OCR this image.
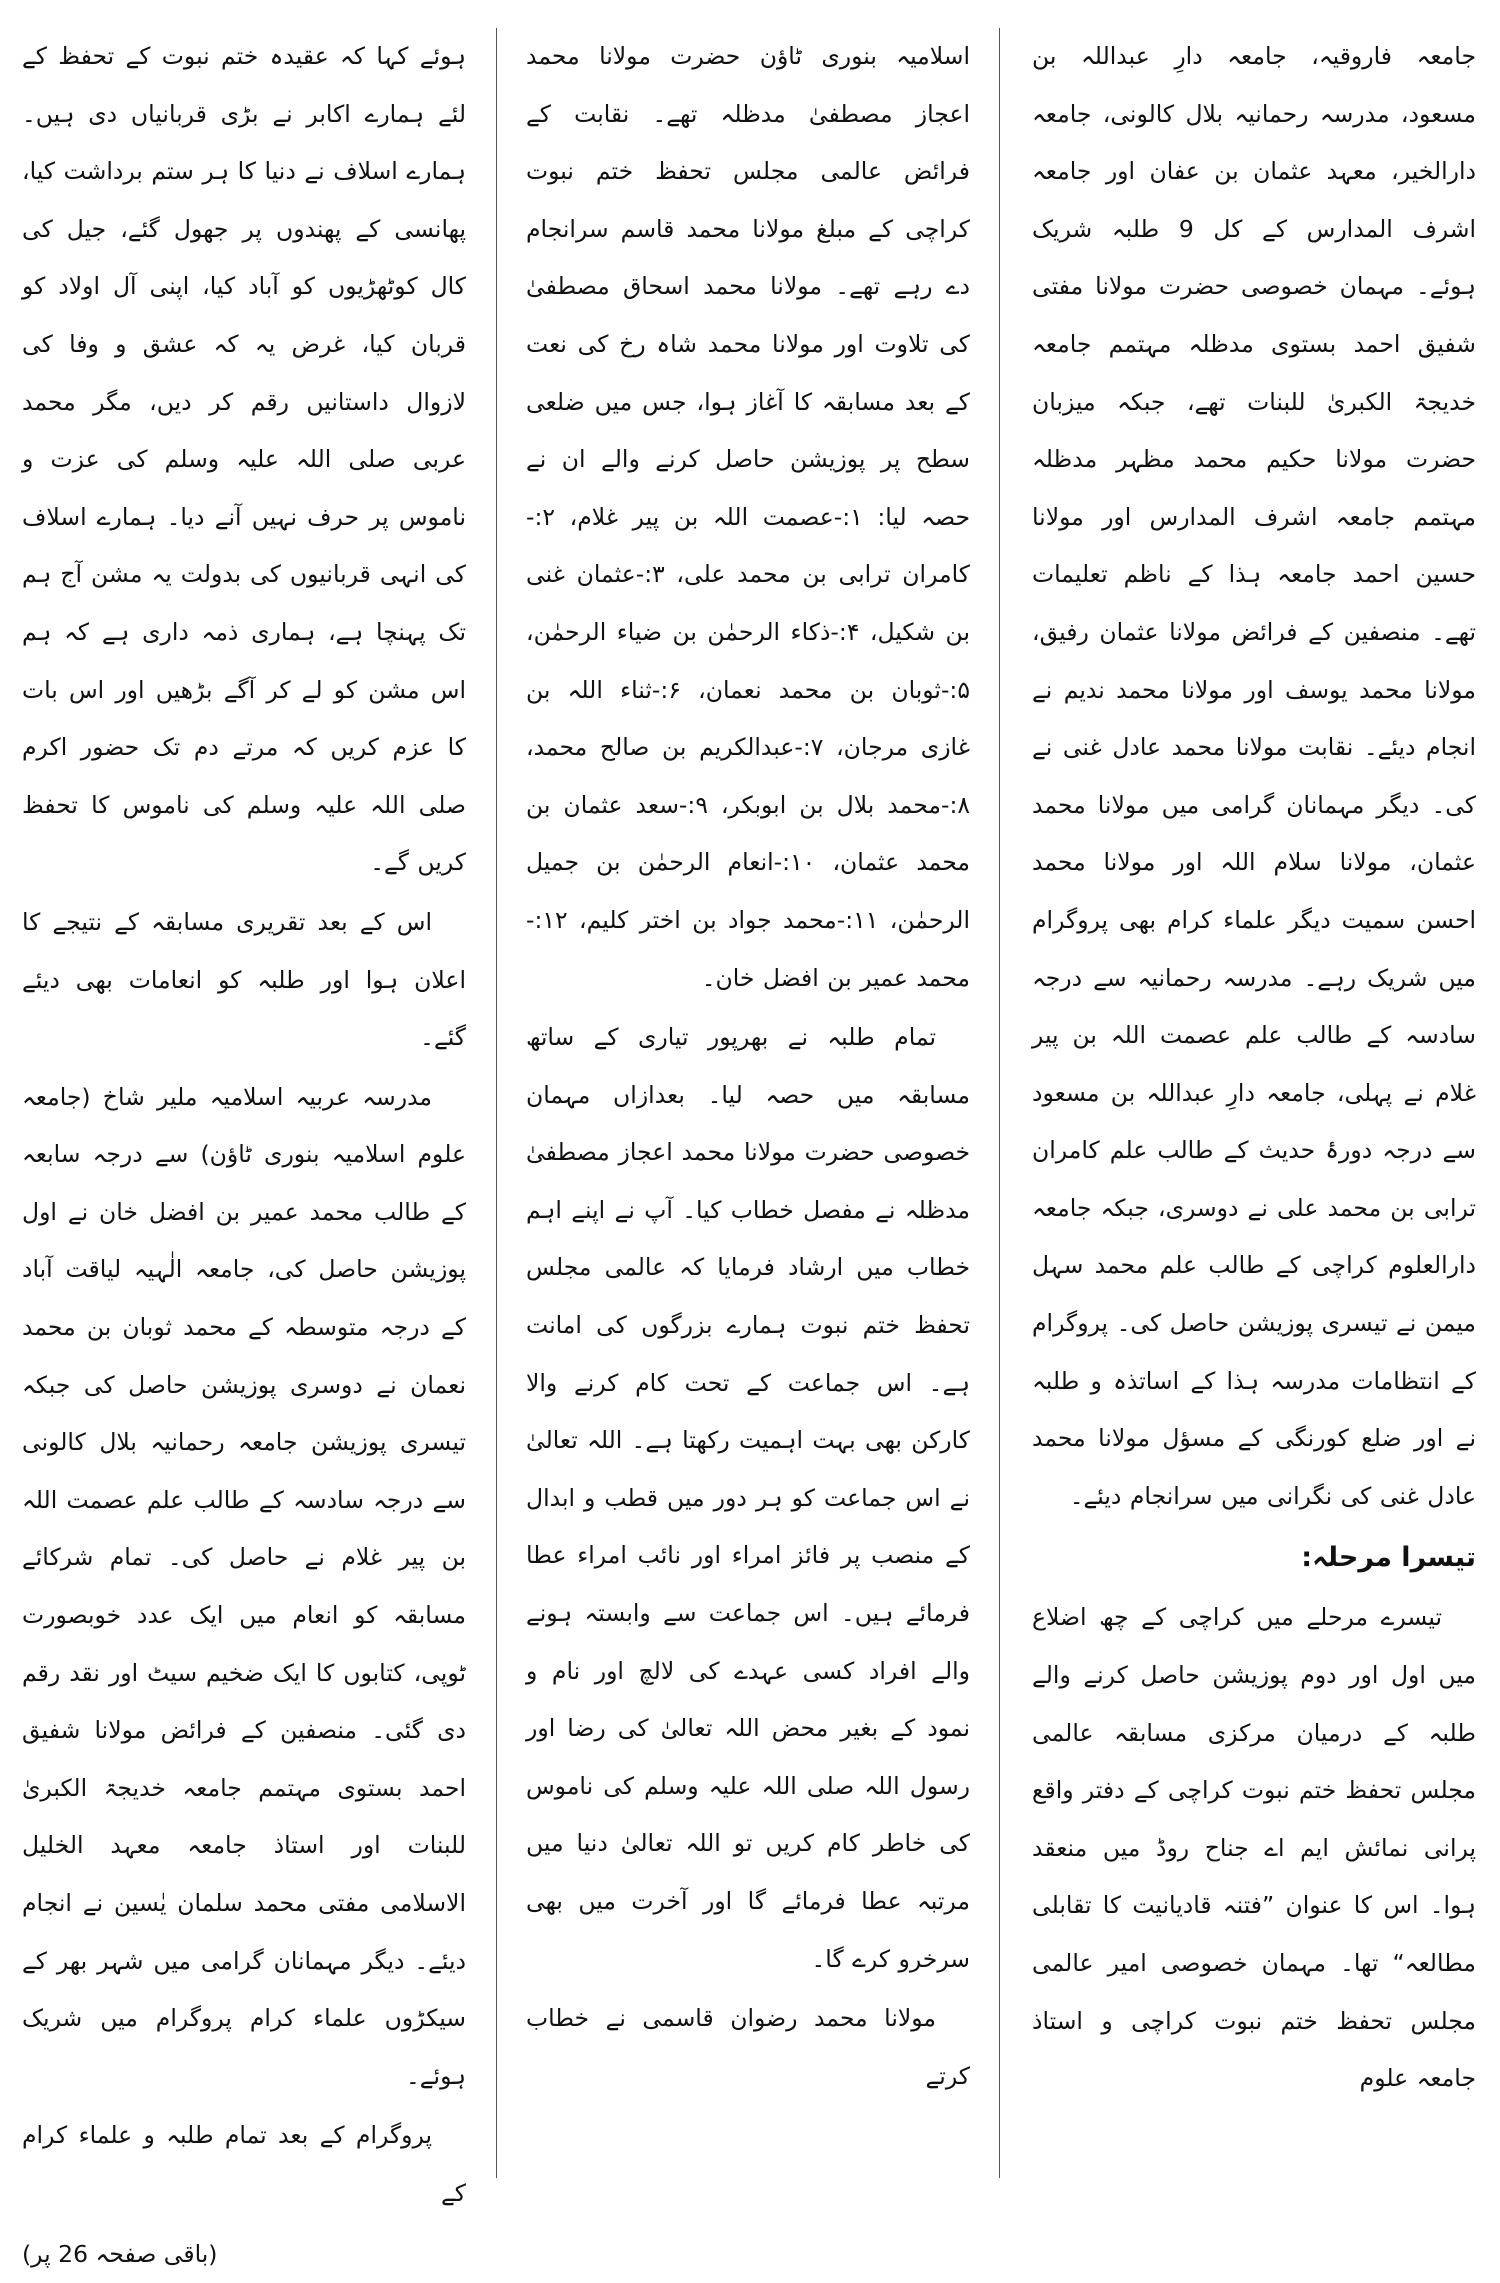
جامعہ فاروقیہ، جامعہ دارِ عبداللہ بن مسعود، مدرسہ رحمانیہ بلال کالونی، جامعہ دارالخیر، معہد عثمان بن عفان اور جامعہ اشرف المدارس کے کل 9 طلبہ شریک ہوئے۔ مہمان خصوصی حضرت مولانا مفتی شفیق احمد بستوی مدظلہ مہتمم جامعہ خدیجۃ الکبریٰ للبنات تھے، جبکہ میزبان حضرت مولانا حکیم محمد مظہر مدظلہ مہتمم جامعہ اشرف المدارس اور مولانا حسین احمد جامعہ ہذا کے ناظم تعلیمات تھے۔ منصفین کے فرائض مولانا عثمان رفیق، مولانا محمد یوسف اور مولانا محمد ندیم نے انجام دیئے۔ نقابت مولانا محمد عادل غنی نے کی۔ دیگر مہمانان گرامی میں مولانا محمد عثمان، مولانا سلام اللہ اور مولانا محمد احسن سمیت دیگر علماء کرام بھی پروگرام میں شریک رہے۔ مدرسہ رحمانیہ سے درجہ سادسہ کے طالب علم عصمت اللہ بن پیر غلام نے پہلی، جامعہ دارِ عبداللہ بن مسعود سے درجہ دورۂ حدیث کے طالب علم کامران ترابی بن محمد علی نے دوسری، جبکہ جامعہ دارالعلوم کراچی کے طالب علم محمد سہل میمن نے تیسری پوزیشن حاصل کی۔ پروگرام کے انتظامات مدرسہ ہذا کے اساتذہ و طلبہ نے اور ضلع کورنگی کے مسؤل مولانا محمد عادل غنی کی نگرانی میں سرانجام دیئے۔

تیسرا مرحلہ:

تیسرے مرحلے میں کراچی کے چھ اضلاع میں اول اور دوم پوزیشن حاصل کرنے والے طلبہ کے درمیان مرکزی مسابقہ عالمی مجلس تحفظ ختم نبوت کراچی کے دفتر واقع پرانی نمائش ایم اے جناح روڈ میں منعقد ہوا۔ اس کا عنوان ”فتنہ قادیانیت کا تقابلی مطالعہ“ تھا۔ مہمان خصوصی امیر عالمی مجلس تحفظ ختم نبوت کراچی و استاذ جامعہ علوم

اسلامیہ بنوری ٹاؤن حضرت مولانا محمد اعجاز مصطفیٰ مدظلہ تھے۔ نقابت کے فرائض عالمی مجلس تحفظ ختم نبوت کراچی کے مبلغ مولانا محمد قاسم سرانجام دے رہے تھے۔ مولانا محمد اسحاق مصطفیٰ کی تلاوت اور مولانا محمد شاہ رخ کی نعت کے بعد مسابقہ کا آغاز ہوا، جس میں ضلعی سطح پر پوزیشن حاصل کرنے والے ان نے حصہ لیا: ۱:-عصمت اللہ بن پیر غلام، ۲:-کامران ترابی بن محمد علی، ۳:-عثمان غنی بن شکیل، ۴:-ذکاء الرحمٰن بن ضیاء الرحمٰن، ۵:-ثوبان بن محمد نعمان، ۶:-ثناء اللہ بن غازی مرجان، ۷:-عبدالکریم بن صالح محمد، ۸:-محمد بلال بن ابوبکر، ۹:-سعد عثمان بن محمد عثمان، ۱۰:-انعام الرحمٰن بن جمیل الرحمٰن، ۱۱:-محمد جواد بن اختر کلیم، ۱۲:-محمد عمیر بن افضل خان۔

تمام طلبہ نے بھرپور تیاری کے ساتھ مسابقہ میں حصہ لیا۔ بعدازاں مہمان خصوصی حضرت مولانا محمد اعجاز مصطفیٰ مدظلہ نے مفصل خطاب کیا۔ آپ نے اپنے اہم خطاب میں ارشاد فرمایا کہ عالمی مجلس تحفظ ختم نبوت ہمارے بزرگوں کی امانت ہے۔ اس جماعت کے تحت کام کرنے والا کارکن بھی بہت اہمیت رکھتا ہے۔ اللہ تعالیٰ نے اس جماعت کو ہر دور میں قطب و ابدال کے منصب پر فائز امراء اور نائب امراء عطا فرمائے ہیں۔ اس جماعت سے وابستہ ہونے والے افراد کسی عہدے کی لالچ اور نام و نمود کے بغیر محض اللہ تعالیٰ کی رضا اور رسول اللہ صلی اللہ علیہ وسلم کی ناموس کی خاطر کام کریں تو اللہ تعالیٰ دنیا میں مرتبہ عطا فرمائے گا اور آخرت میں بھی سرخرو کرے گا۔

مولانا محمد رضوان قاسمی نے خطاب کرتے

ہوئے کہا کہ عقیدہ ختم نبوت کے تحفظ کے لئے ہمارے اکابر نے بڑی قربانیاں دی ہیں۔ ہمارے اسلاف نے دنیا کا ہر ستم برداشت کیا، پھانسی کے پھندوں پر جھول گئے، جیل کی کال کوٹھڑیوں کو آباد کیا، اپنی آل اولاد کو قربان کیا، غرض یہ کہ عشق و وفا کی لازوال داستانیں رقم کر دیں، مگر محمد عربی صلی اللہ علیہ وسلم کی عزت و ناموس پر حرف نہیں آنے دیا۔ ہمارے اسلاف کی انہی قربانیوں کی بدولت یہ مشن آج ہم تک پہنچا ہے، ہماری ذمہ داری ہے کہ ہم اس مشن کو لے کر آگے بڑھیں اور اس بات کا عزم کریں کہ مرتے دم تک حضور اکرم صلی اللہ علیہ وسلم کی ناموس کا تحفظ کریں گے۔

اس کے بعد تقریری مسابقہ کے نتیجے کا اعلان ہوا اور طلبہ کو انعامات بھی دیئے گئے۔

مدرسہ عربیہ اسلامیہ ملیر شاخ (جامعہ علوم اسلامیہ بنوری ٹاؤن) سے درجہ سابعہ کے طالب محمد عمیر بن افضل خان نے اول پوزیشن حاصل کی، جامعہ الٰہیہ لیاقت آباد کے درجہ متوسطہ کے محمد ثوبان بن محمد نعمان نے دوسری پوزیشن حاصل کی جبکہ تیسری پوزیشن جامعہ رحمانیہ بلال کالونی سے درجہ سادسہ کے طالب علم عصمت اللہ بن پیر غلام نے حاصل کی۔ تمام شرکائے مسابقہ کو انعام میں ایک عدد خوبصورت ٹوپی، کتابوں کا ایک ضخیم سیٹ اور نقد رقم دی گئی۔ منصفین کے فرائض مولانا شفیق احمد بستوی مہتمم جامعہ خدیجۃ الکبریٰ للبنات اور استاذ جامعہ معہد الخلیل الاسلامی مفتی محمد سلمان یٰسین نے انجام دیئے۔ دیگر مہمانان گرامی میں شہر بھر کے سیکڑوں علماء کرام پروگرام میں شریک ہوئے۔

پروگرام کے بعد تمام طلبہ و علماء کرام کے

(باقی صفحہ 26 پر)
